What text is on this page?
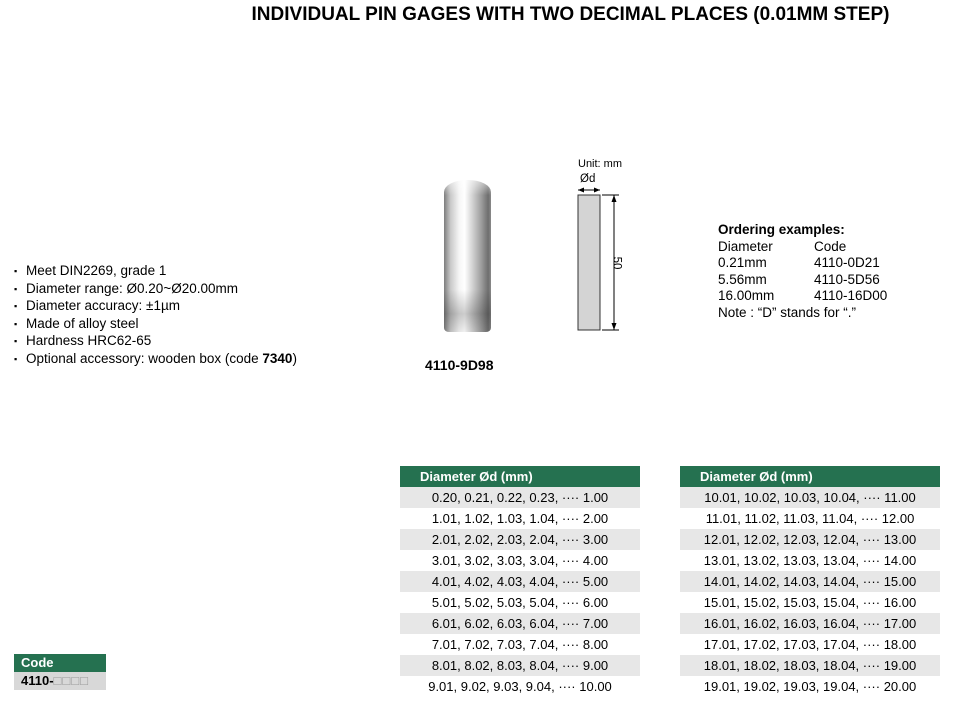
INDIVIDUAL PIN GAGES WITH TWO DECIMAL PLACES (0.01MM STEP)
▪ Meet DIN2269, grade 1
▪ Diameter range: Ø0.20~Ø20.00mm
▪ Diameter accuracy: ±1µm
▪ Made of alloy steel
▪ Hardness HRC62-65
▪ Optional accessory: wooden box (code 7340)	4110-9D98
Unit: mm
Ød
50
Ordering examples:
Diameter	Code
0.21mm	4110-0D21
5.56mm	4110-5D56
16.00mm	4110-16D00
Note : “D” stands for “.”
Code
4110-□□□□
Diameter Ød (mm)
0.20, 0.21, 0.22, 0.23, ···· 1.00
1.01, 1.02, 1.03, 1.04, ···· 2.00
2.01, 2.02, 2.03, 2.04, ···· 3.00
3.01, 3.02, 3.03, 3.04, ···· 4.00
4.01, 4.02, 4.03, 4.04, ···· 5.00
5.01, 5.02, 5.03, 5.04, ···· 6.00
6.01, 6.02, 6.03, 6.04, ···· 7.00
7.01, 7.02, 7.03, 7.04, ···· 8.00
8.01, 8.02, 8.03, 8.04, ···· 9.00
9.01, 9.02, 9.03, 9.04, ···· 10.00
Diameter Ød (mm)
10.01, 10.02, 10.03, 10.04, ···· 11.00
11.01, 11.02, 11.03, 11.04, ···· 12.00
12.01, 12.02, 12.03, 12.04, ···· 13.00
13.01, 13.02, 13.03, 13.04, ···· 14.00
14.01, 14.02, 14.03, 14.04, ···· 15.00
15.01, 15.02, 15.03, 15.04, ···· 16.00
16.01, 16.02, 16.03, 16.04, ···· 17.00
17.01, 17.02, 17.03, 17.04, ···· 18.00
18.01, 18.02, 18.03, 18.04, ···· 19.00
19.01, 19.02, 19.03, 19.04, ···· 20.00
